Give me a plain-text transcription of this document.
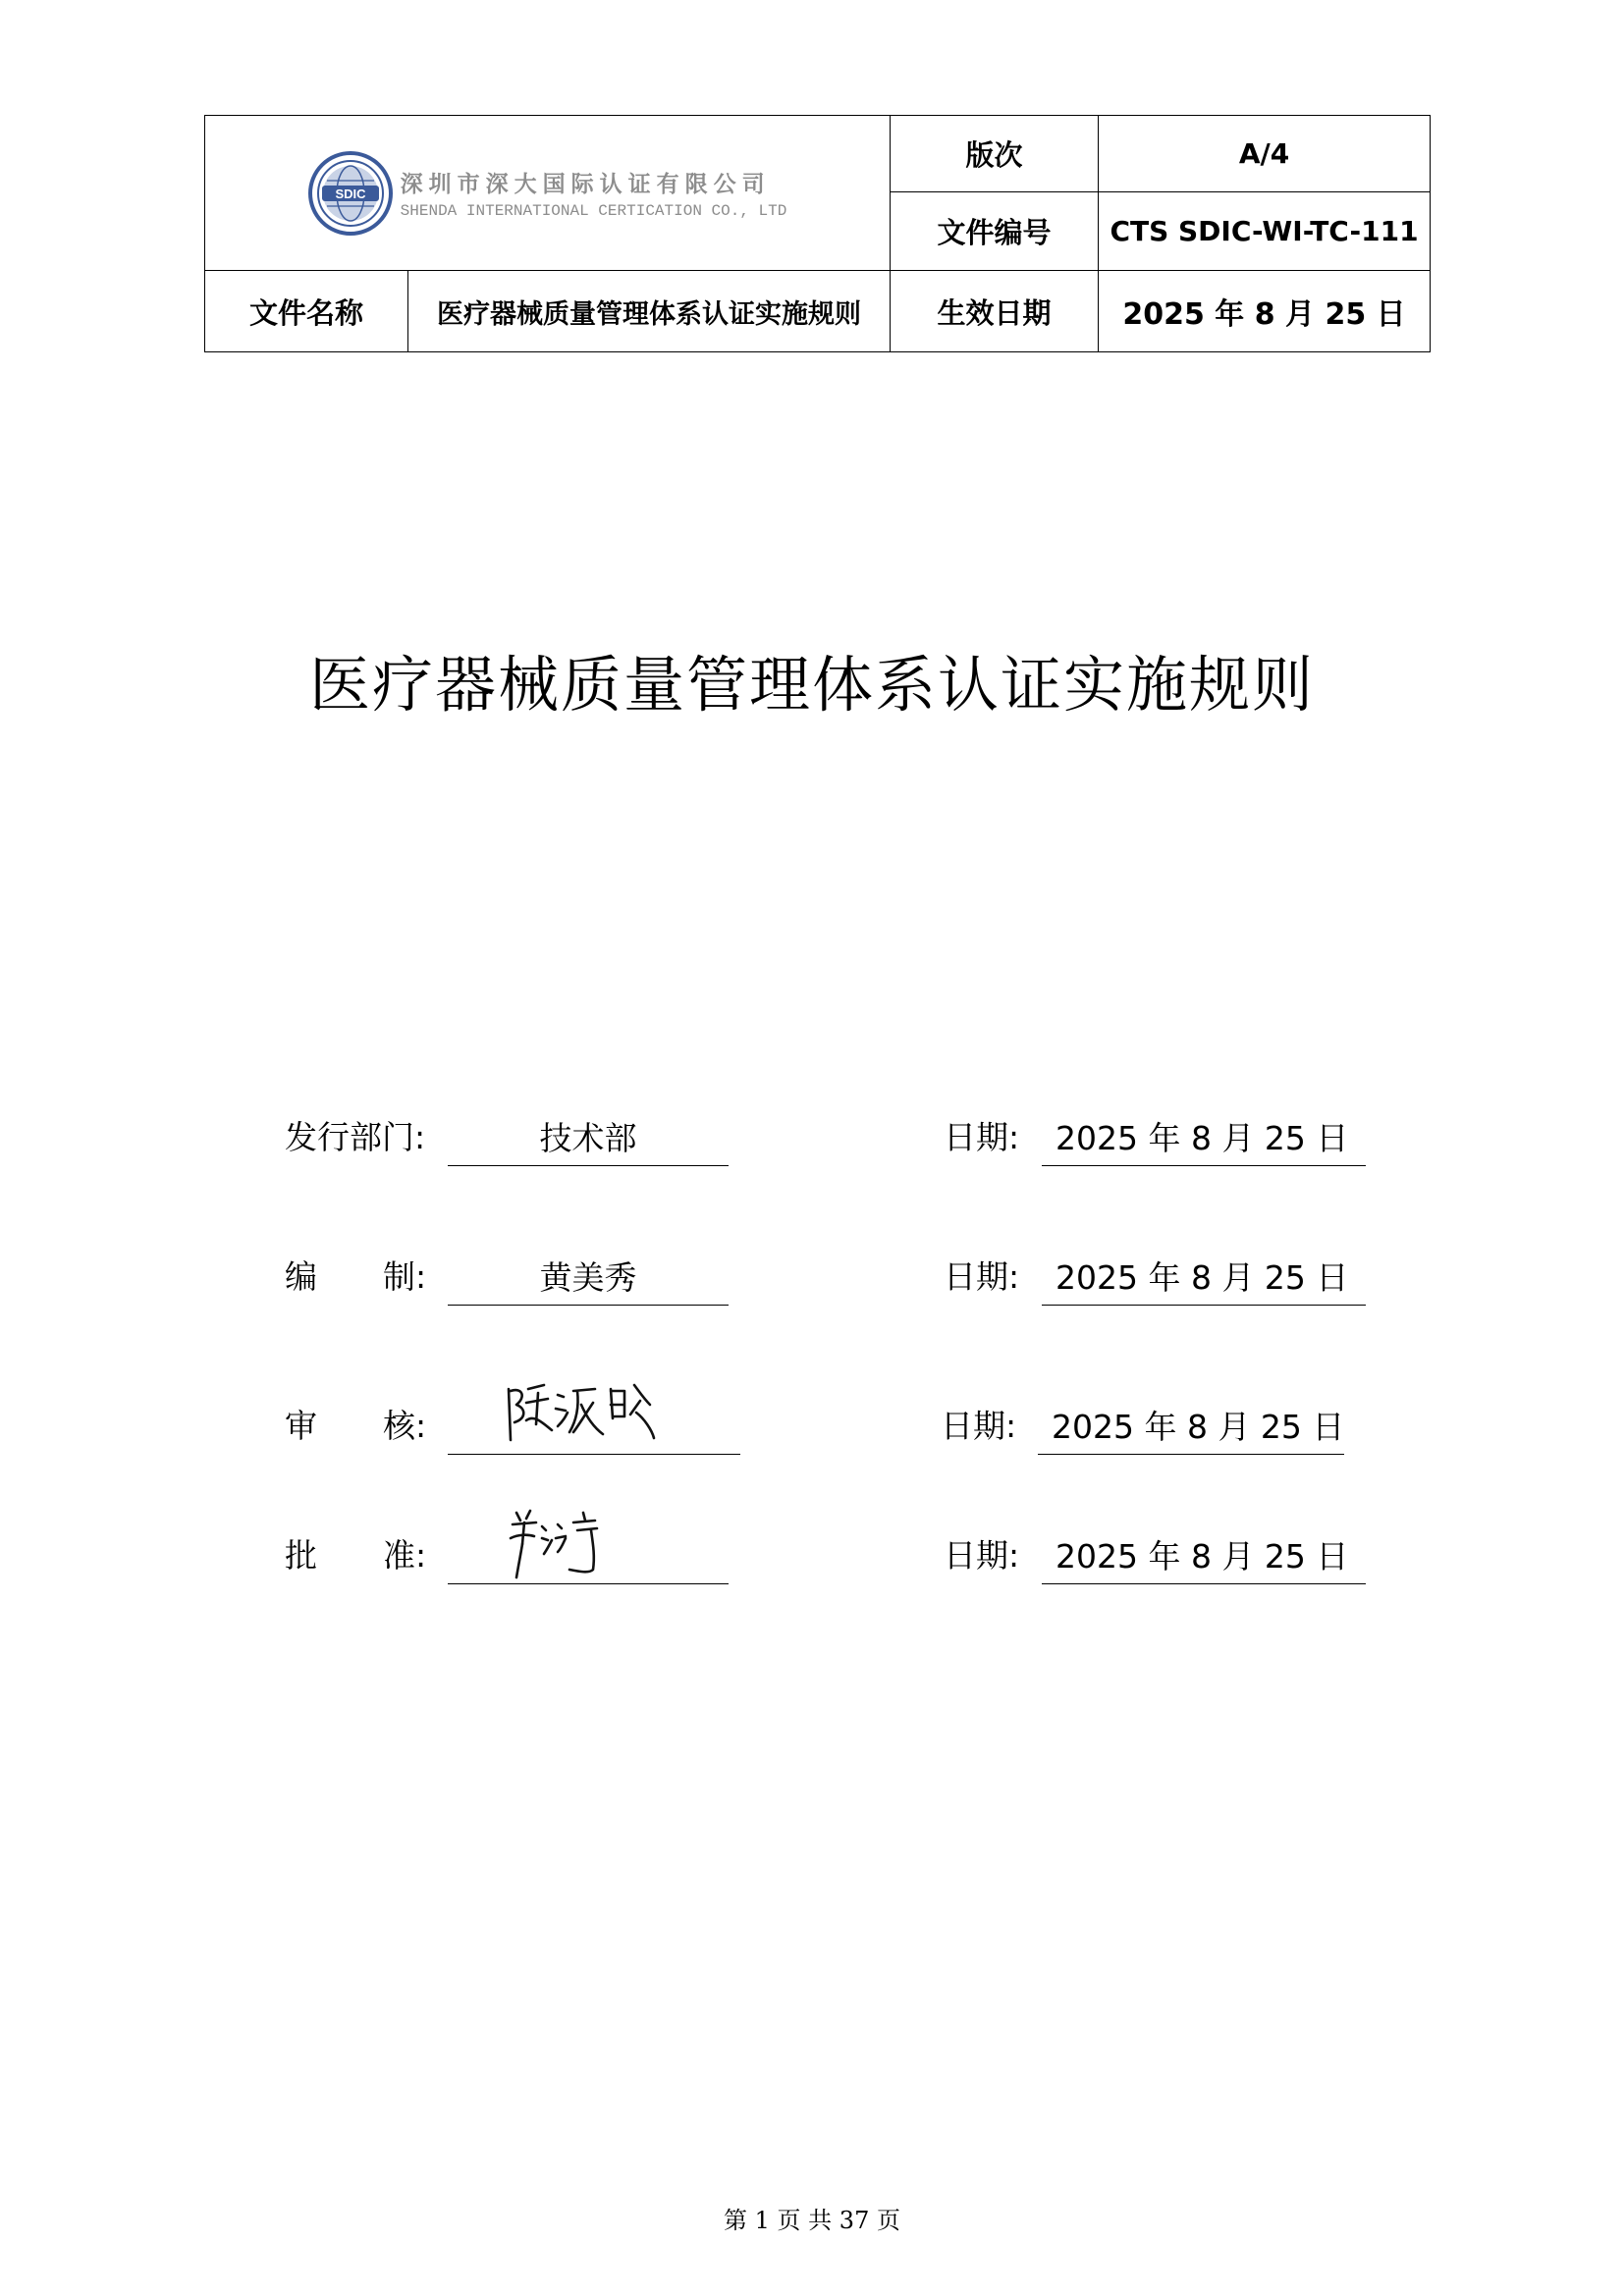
SDIC 深圳市深大国际认证有限公司
SHENDA INTERNATIONAL CERTICATION CO., LTD		版次	A/4
		文件编号	CTS SDIC-WI-TC-111
文件名称	医疗器械质量管理体系认证实施规则	生效日期	2025 年 8 月 25 日
医疗器械质量管理体系认证实施规则
发行部门:	技术部	日期: 2025 年 8 月 25 日
编 制:	黄美秀	日期: 2025 年 8 月 25 日
审 核:	日期: 2025 年 8 月 25 日
批 准:	日期: 2025 年 8 月 25 日
第 1 页 共 37 页
